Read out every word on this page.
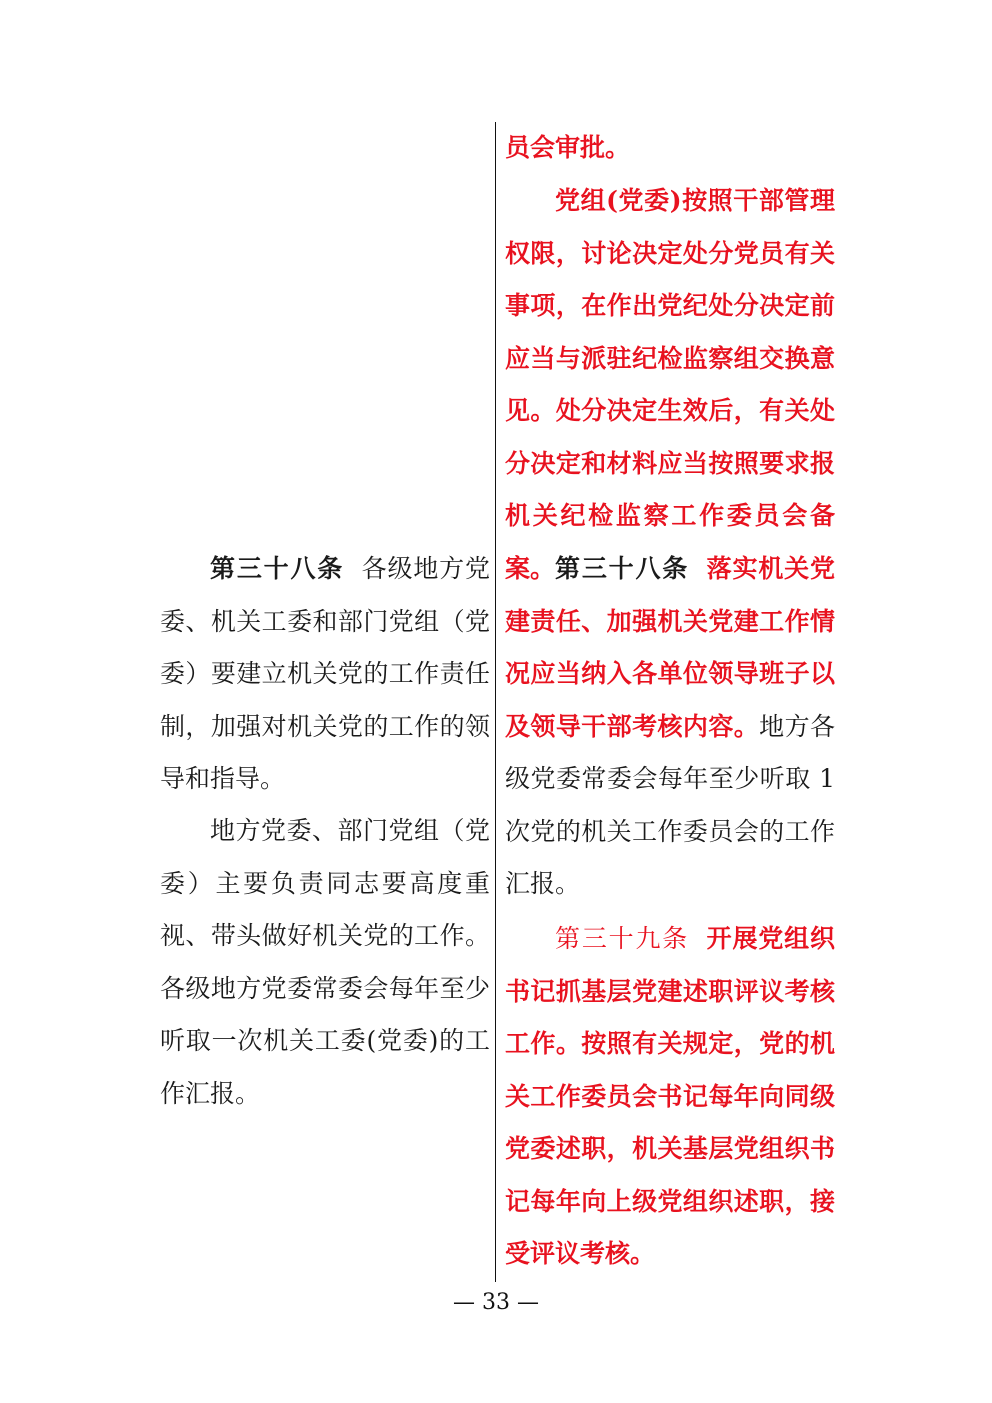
第三十八条 各级地方党委、机关工委和部门党组（党委）要建立机关党的工作责任制，加强对机关党的工作的领导和指导。

地方党委、部门党组（党委）主要负责同志要高度重视、带头做好机关党的工作。各级地方党委常委会每年至少听取一次机关工委(党委)的工作汇报。

员会审批。

党组(党委)按照干部管理权限，讨论决定处分党员有关事项，在作出党纪处分决定前应当与派驻纪检监察组交换意见。处分决定生效后，有关处分决定和材料应当按照要求报机关纪检监察工作委员会备案。 第三十八条 落实机关党建责任、加强机关党建工作情况应当纳入各单位领导班子以及领导干部考核内容。地方各级党委常委会每年至少听取 1 次党的机关工作委员会的工作汇报。

第三十九条 开展党组织书记抓基层党建述职评议考核工作。按照有关规定，党的机关工作委员会书记每年向同级党委述职，机关基层党组织书记每年向上级党组织述职，接受评议考核。

— 33 —
